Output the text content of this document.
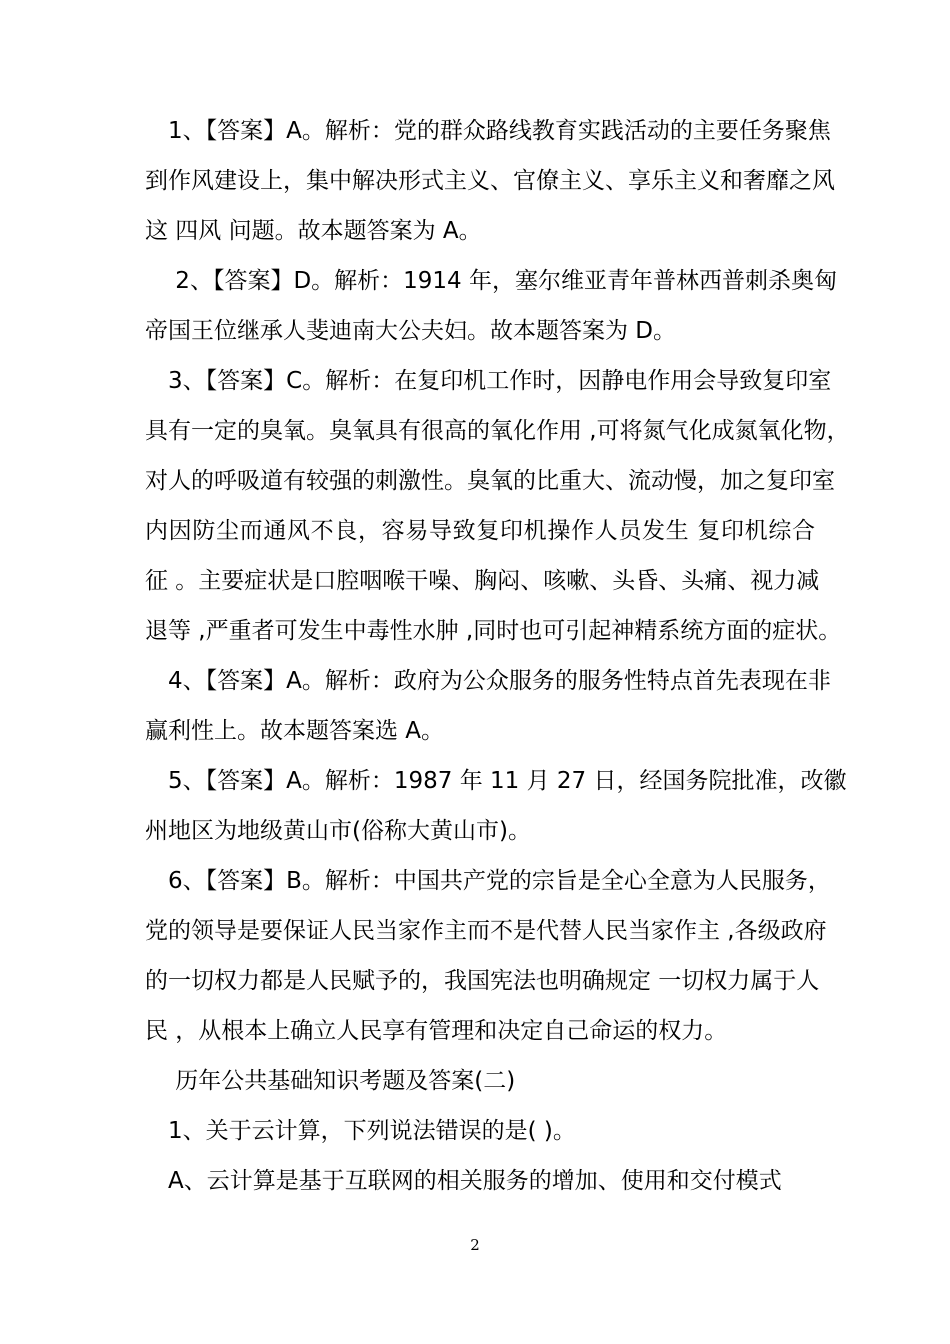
　1、【答案】A。解析：党的群众路线教育实践活动的主要任务聚焦
到作风建设上，集中解决形式主义、官僚主义、享乐主义和奢靡之风
这 四风 问题。故本题答案为 A。
　 2、【答案】D。解析：1914 年，塞尔维亚青年普林西普刺杀奥匈
帝国王位继承人斐迪南大公夫妇。故本题答案为 D。
　3、【答案】C。解析：在复印机工作时，因静电作用会导致复印室
具有一定的臭氧。臭氧具有很高的氧化作用 ,可将氮气化成氮氧化物，
对人的呼吸道有较强的刺激性。臭氧的比重大、流动慢，加之复印室
内因防尘而通风不良，容易导致复印机操作人员发生 复印机综合
征 。主要症状是口腔咽喉干噪、胸闷、咳嗽、头昏、头痛、视力减
退等 ,严重者可发生中毒性水肿 ,同时也可引起神精系统方面的症状。
　4、【答案】A。解析：政府为公众服务的服务性特点首先表现在非
赢利性上。故本题答案选 A。
　5、【答案】A。解析：1987 年 11 月 27 日，经国务院批准，改徽
州地区为地级黄山市(俗称大黄山市)。
　6、【答案】B。解析：中国共产党的宗旨是全心全意为人民服务，
党的领导是要保证人民当家作主而不是代替人民当家作主 ,各级政府
的一切权力都是人民赋予的，我国宪法也明确规定 一切权力属于人
民 ，从根本上确立人民享有管理和决定自己命运的权力。
　 历年公共基础知识考题及答案(二)
　1、关于云计算，下列说法错误的是( )。
　A、云计算是基于互联网的相关服务的增加、使用和交付模式
2
